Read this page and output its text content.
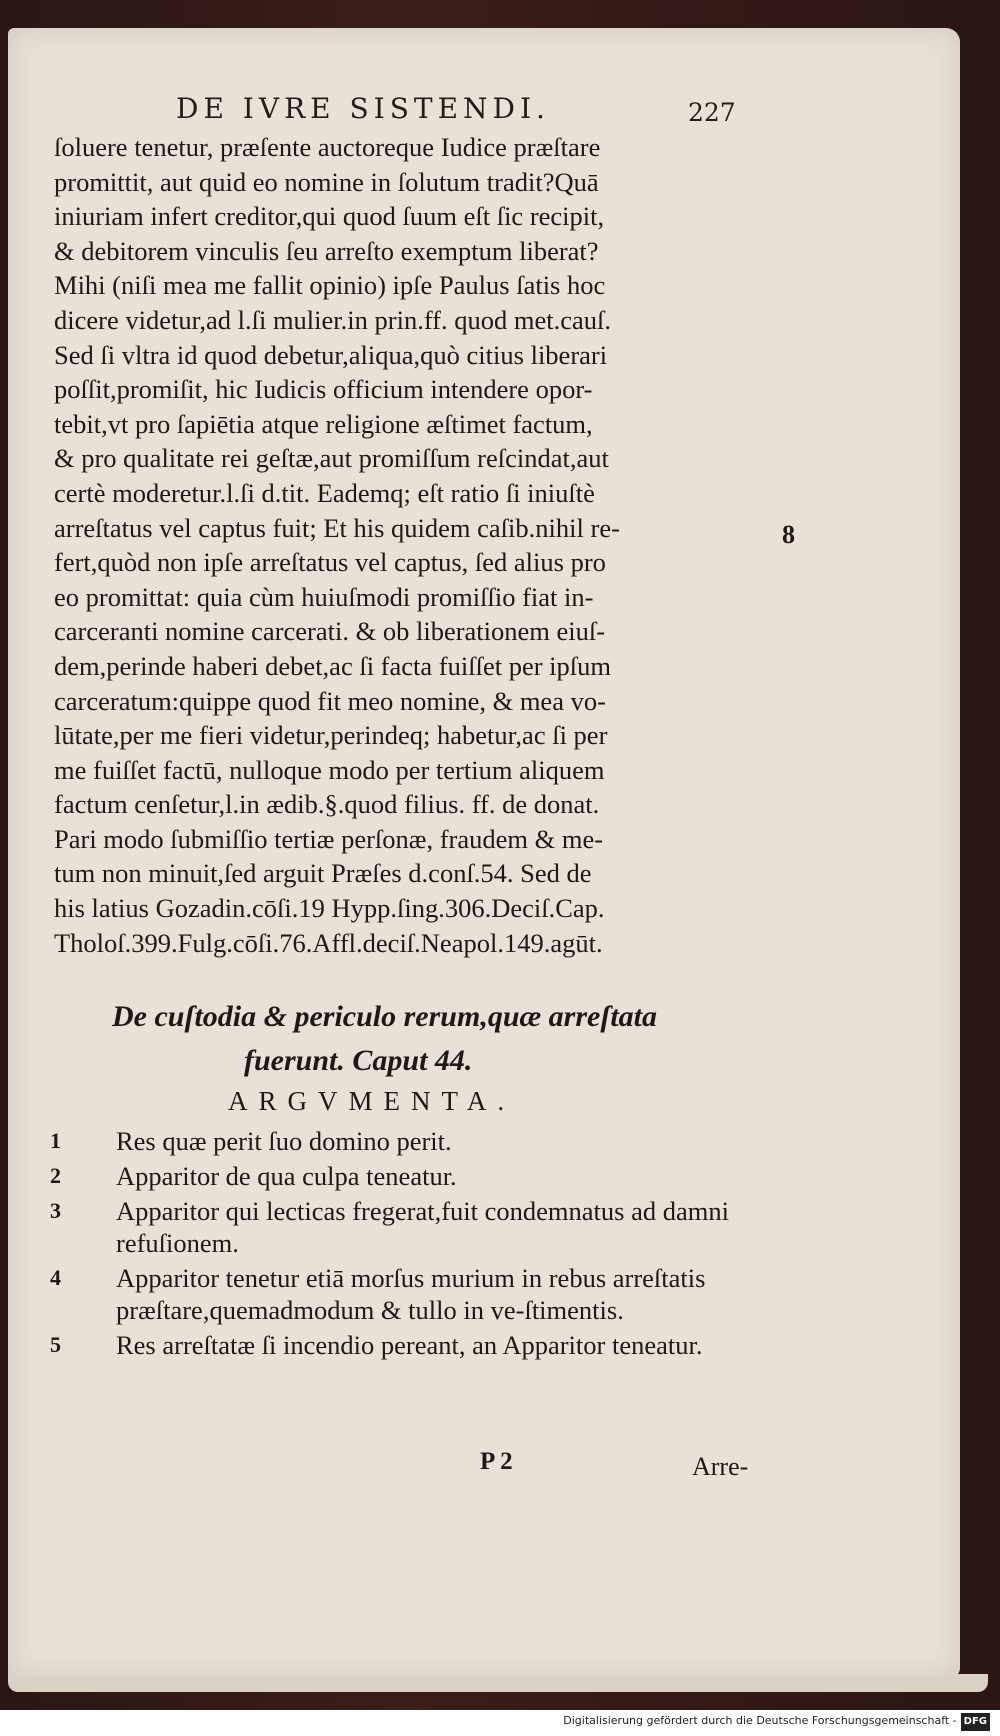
DE IVRE SISTENDI.	227
ſoluere tenetur, præſente auctoreque Iudice præſtare
promittit, aut quid eo nomine in ſolutum tradit?Quā
iniuriam infert creditor,qui quod ſuum eſt ſic recipit,
& debitorem vinculis ſeu arreſto exemptum liberat?
Mihi (niſi mea me fallit opinio) ipſe Paulus ſatis hoc
dicere videtur,ad l.ſi mulier.in prin.ff. quod met.cauſ.
Sed ſi vltra id quod debetur,aliqua,quò citius liberari
poſſit,promiſit, hic Iudicis officium intendere opor-
tebit,vt pro ſapiētia atque religione æſtimet factum,
& pro qualitate rei geſtæ,aut promiſſum reſcindat,aut
certè moderetur.l.ſi d.tit. Eademq; eſt ratio ſi iniuſtè
arreſtatus vel captus fuit; Et his quidem caſib.nihil re-
fert,quòd non ipſe arreſtatus vel captus, ſed alius pro
eo promittat: quia cùm huiuſmodi promiſſio fiat in-
carceranti nomine carcerati. & ob liberationem eiuſ-
dem,perinde haberi debet,ac ſi facta fuiſſet per ipſum
carceratum:quippe quod fit meo nomine, & mea vo-
lūtate,per me fieri videtur,perindeq; habetur,ac ſi per
me fuiſſet factū, nulloque modo per tertium aliquem
factum cenſetur,l.in ædib.§.quod filius. ff. de donat.
Pari modo ſubmiſſio tertiæ perſonæ, fraudem & me-
tum non minuit,ſed arguit Præſes d.conſ.54. Sed de
his latius Gozadin.cōſi.19 Hypp.ſing.306.Deciſ.Cap.
Tholoſ.399.Fulg.cōſi.76.Affl.deciſ.Neapol.149.agūt.
8
De cuſtodia & periculo rerum,quæ arreſtata
fuerunt. Caput 44.
ARGVMENTA.
1	Res quæ perit ſuo domino perit.
2	Apparitor de qua culpa teneatur.
3	Apparitor qui lecticas fregerat,fuit condemnatus ad damni refuſionem.
4	Apparitor tenetur etiā morſus murium in rebus arreſtatis præſtare,quemadmodum & tullo in ve-ſtimentis.
5	Res arreſtatæ ſi incendio pereant, an Apparitor teneatur.
P 2	Arre-
Digitalisierung gefördert durch die Deutsche Forschungsgemeinschaft - DFG
